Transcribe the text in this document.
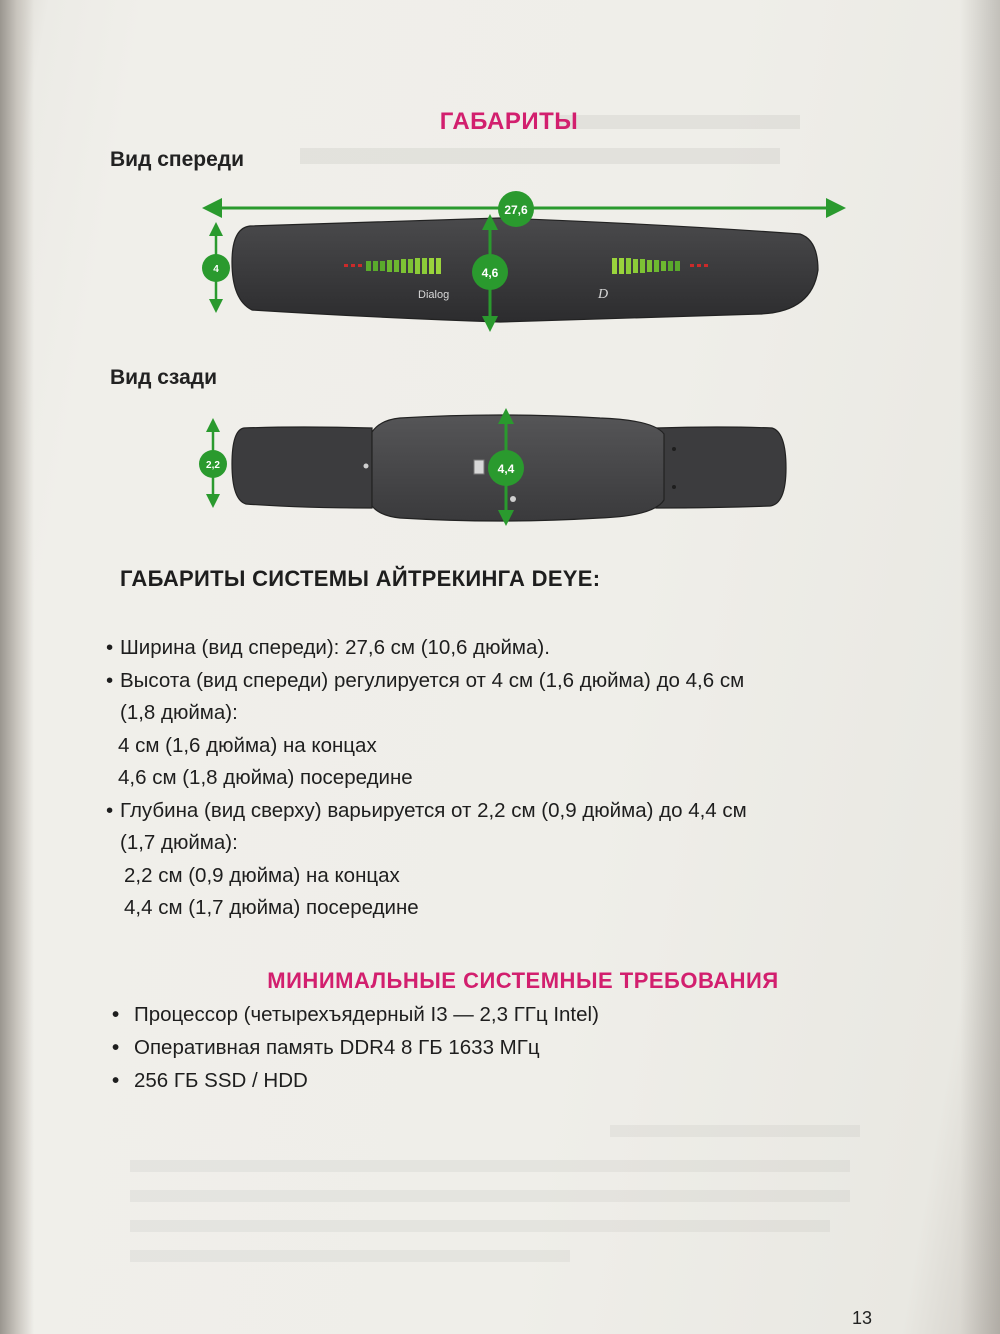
ГАБАРИТЫ
Вид спереди
Вид сзади
Dialog	D
27,6
4	4,6
2,2	4,4
ГАБАРИТЫ СИСТЕМЫ АЙТРЕКИНГА DEYE:
• Ширина (вид спереди): 27,6 см (10,6 дюйма).
• Высота (вид спереди) регулируется от 4 см (1,6 дюйма) до 4,6 см
(1,8 дюйма):
4 см (1,6 дюйма) на концах
4,6 см (1,8 дюйма) посередине
• Глубина (вид сверху) варьируется от 2,2 см (0,9 дюйма) до 4,4 см
(1,7 дюйма):
2,2 см (0,9 дюйма) на концах
4,4 см (1,7 дюйма) посередине
МИНИМАЛЬНЫЕ СИСТЕМНЫЕ ТРЕБОВАНИЯ
• Процессор (четырехъядерный I3 — 2,3 ГГц Intel)
• Оперативная память DDR4 8 ГБ 1633 МГц
• 256 ГБ SSD / HDD
13
